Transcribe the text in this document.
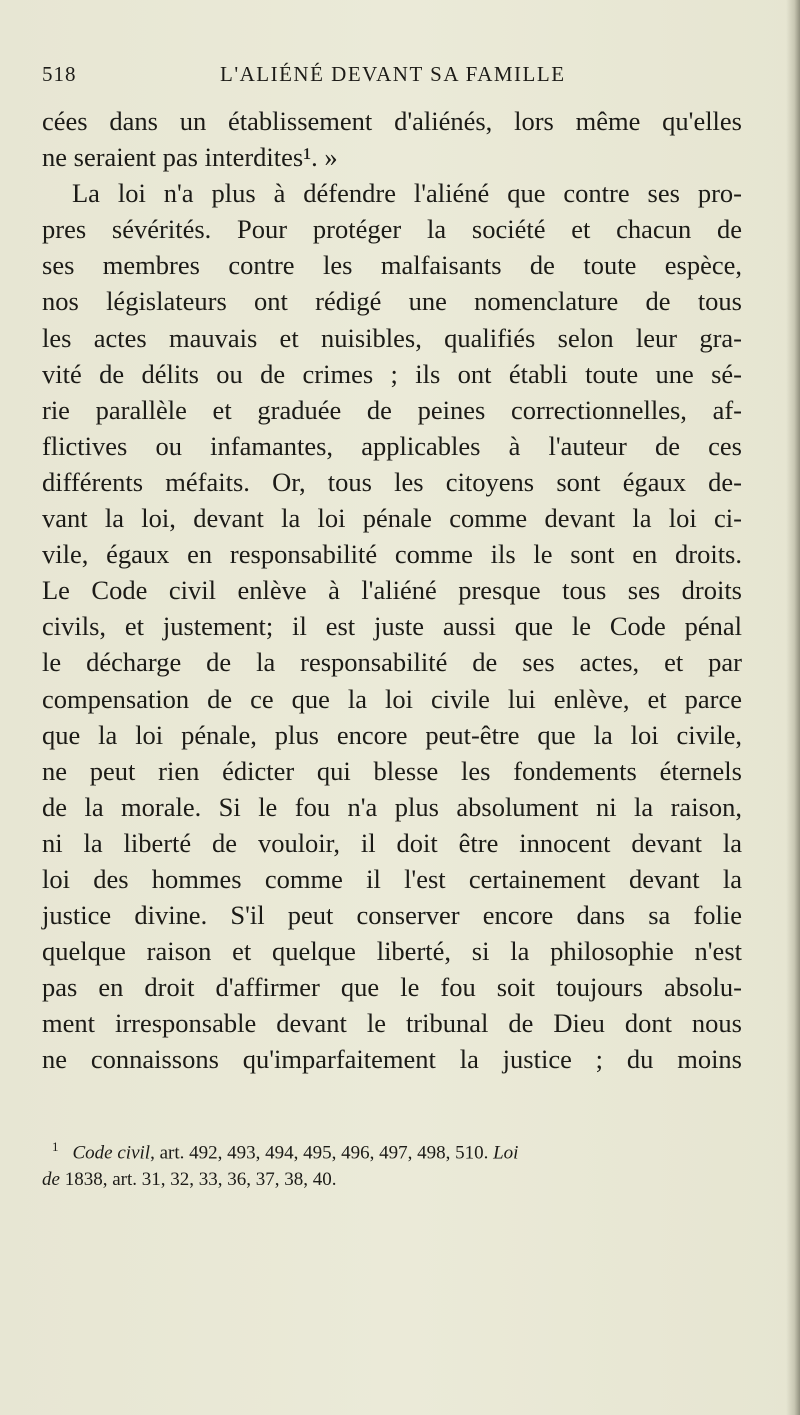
518	L'ALIÉNÉ DEVANT SA FAMILLE
cées dans un établissement d'aliénés, lors même qu'elles
ne seraient pas interdites¹. »
La loi n'a plus à défendre l'aliéné que contre ses pro-
pres sévérités. Pour protéger la société et chacun de
ses membres contre les malfaisants de toute espèce,
nos législateurs ont rédigé une nomenclature de tous
les actes mauvais et nuisibles, qualifiés selon leur gra-
vité de délits ou de crimes ; ils ont établi toute une sé-
rie parallèle et graduée de peines correctionnelles, af-
flictives ou infamantes, applicables à l'auteur de ces
différents méfaits. Or, tous les citoyens sont égaux de-
vant la loi, devant la loi pénale comme devant la loi ci-
vile, égaux en responsabilité comme ils le sont en droits.
Le Code civil enlève à l'aliéné presque tous ses droits
civils, et justement; il est juste aussi que le Code pénal
le décharge de la responsabilité de ses actes, et par
compensation de ce que la loi civile lui enlève, et parce
que la loi pénale, plus encore peut-être que la loi civile,
ne peut rien édicter qui blesse les fondements éternels
de la morale. Si le fou n'a plus absolument ni la raison,
ni la liberté de vouloir, il doit être innocent devant la
loi des hommes comme il l'est certainement devant la
justice divine. S'il peut conserver encore dans sa folie
quelque raison et quelque liberté, si la philosophie n'est
pas en droit d'affirmer que le fou soit toujours absolu-
ment irresponsable devant le tribunal de Dieu dont nous
ne connaissons qu'imparfaitement la justice ; du moins
$^1$ Code civil, art. 492, 493, 494, 495, 496, 497, 498, 510. Loi
de 1838, art. 31, 32, 33, 36, 37, 38, 40.
